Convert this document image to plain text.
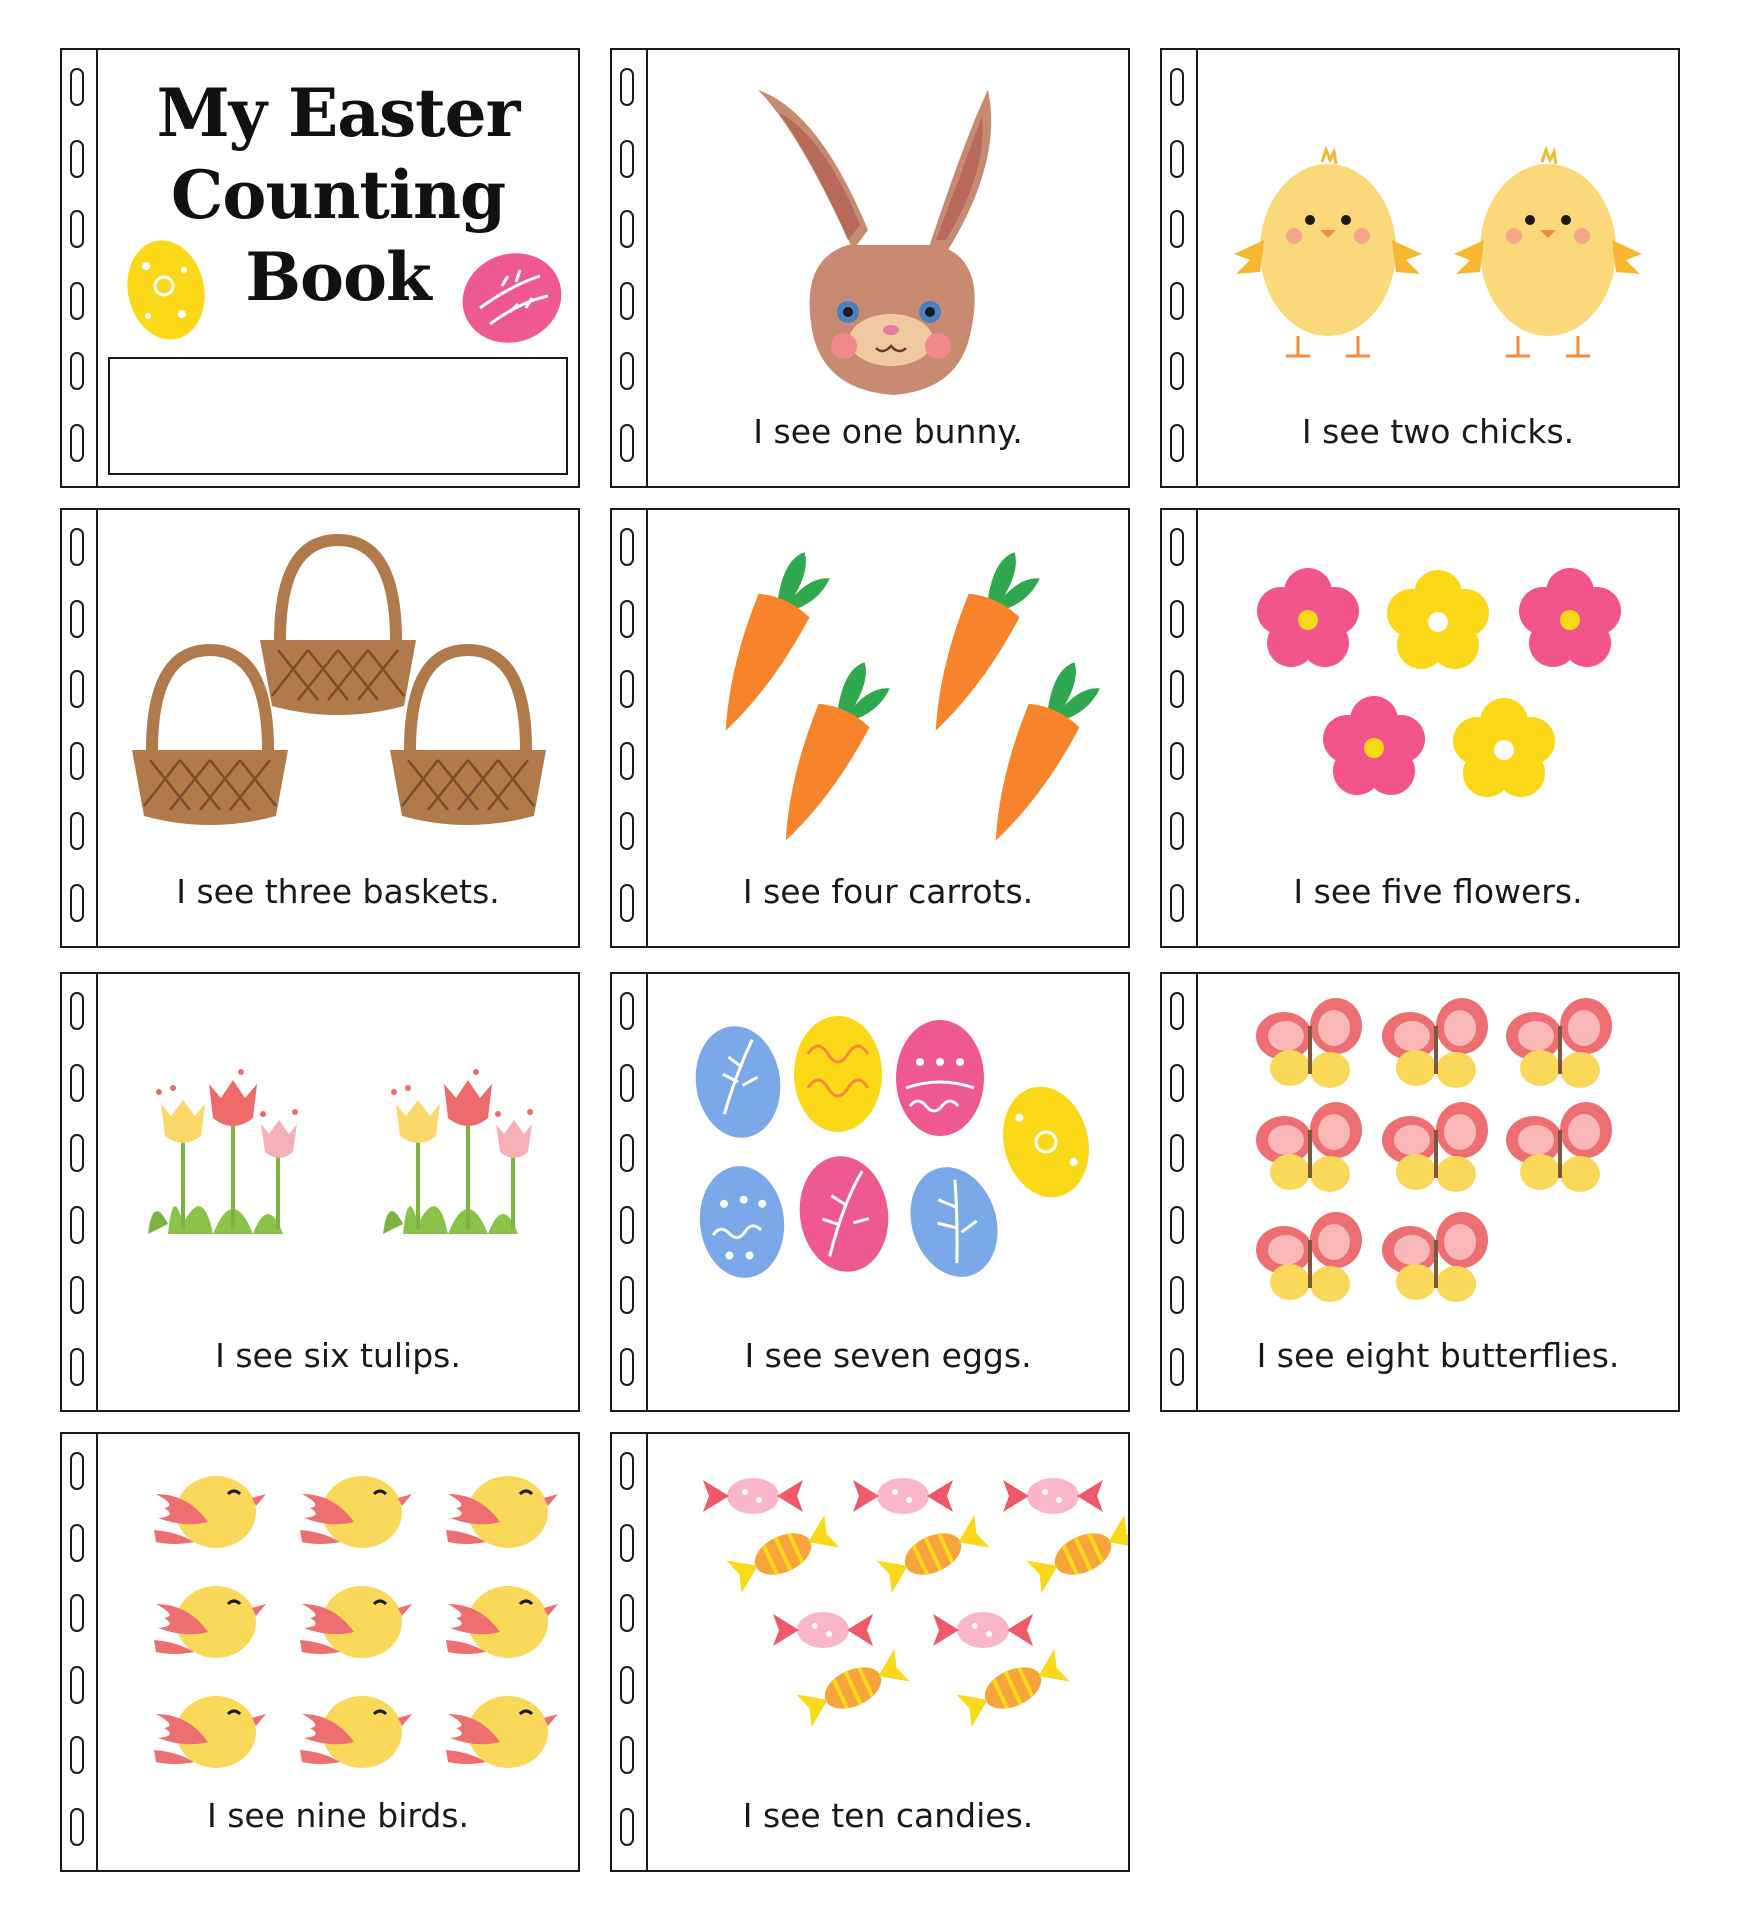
My Easter
Counting
Book
I see one bunny.	I see two chicks.
I see three baskets.	I see four carrots.	I see five flowers.
I see six tulips.	I see seven eggs.	I see eight butterflies.
I see nine birds.	I see ten candies.
